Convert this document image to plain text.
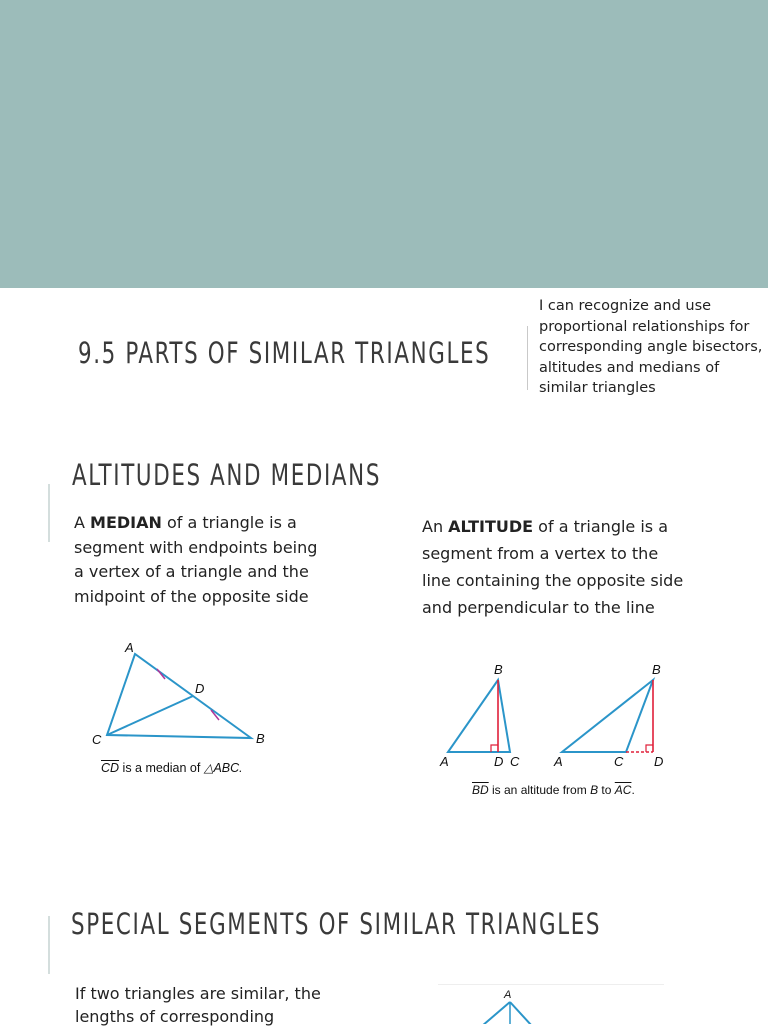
9.5 PARTS OF SIMILAR TRIANGLES
I can recognize and use proportional relationships for corresponding angle bisectors, altitudes and medians of similar triangles
ALTITUDES AND MEDIANS
A MEDIAN of a triangle is a segment with endpoints being a vertex of a triangle and the midpoint of the opposite side
An ALTITUDE of a triangle is a segment from a vertex to the line containing the opposite side and perpendicular to the line
A
D
C	B
$\overline{CD}$ is a median of △ABC.
B
A	D C
B
A	C D
$\overline{BD}$ is an altitude from B to $\overline{AC}$.
SPECIAL SEGMENTS OF SIMILAR TRIANGLES
If two triangles are similar, the lengths of corresponding
A
